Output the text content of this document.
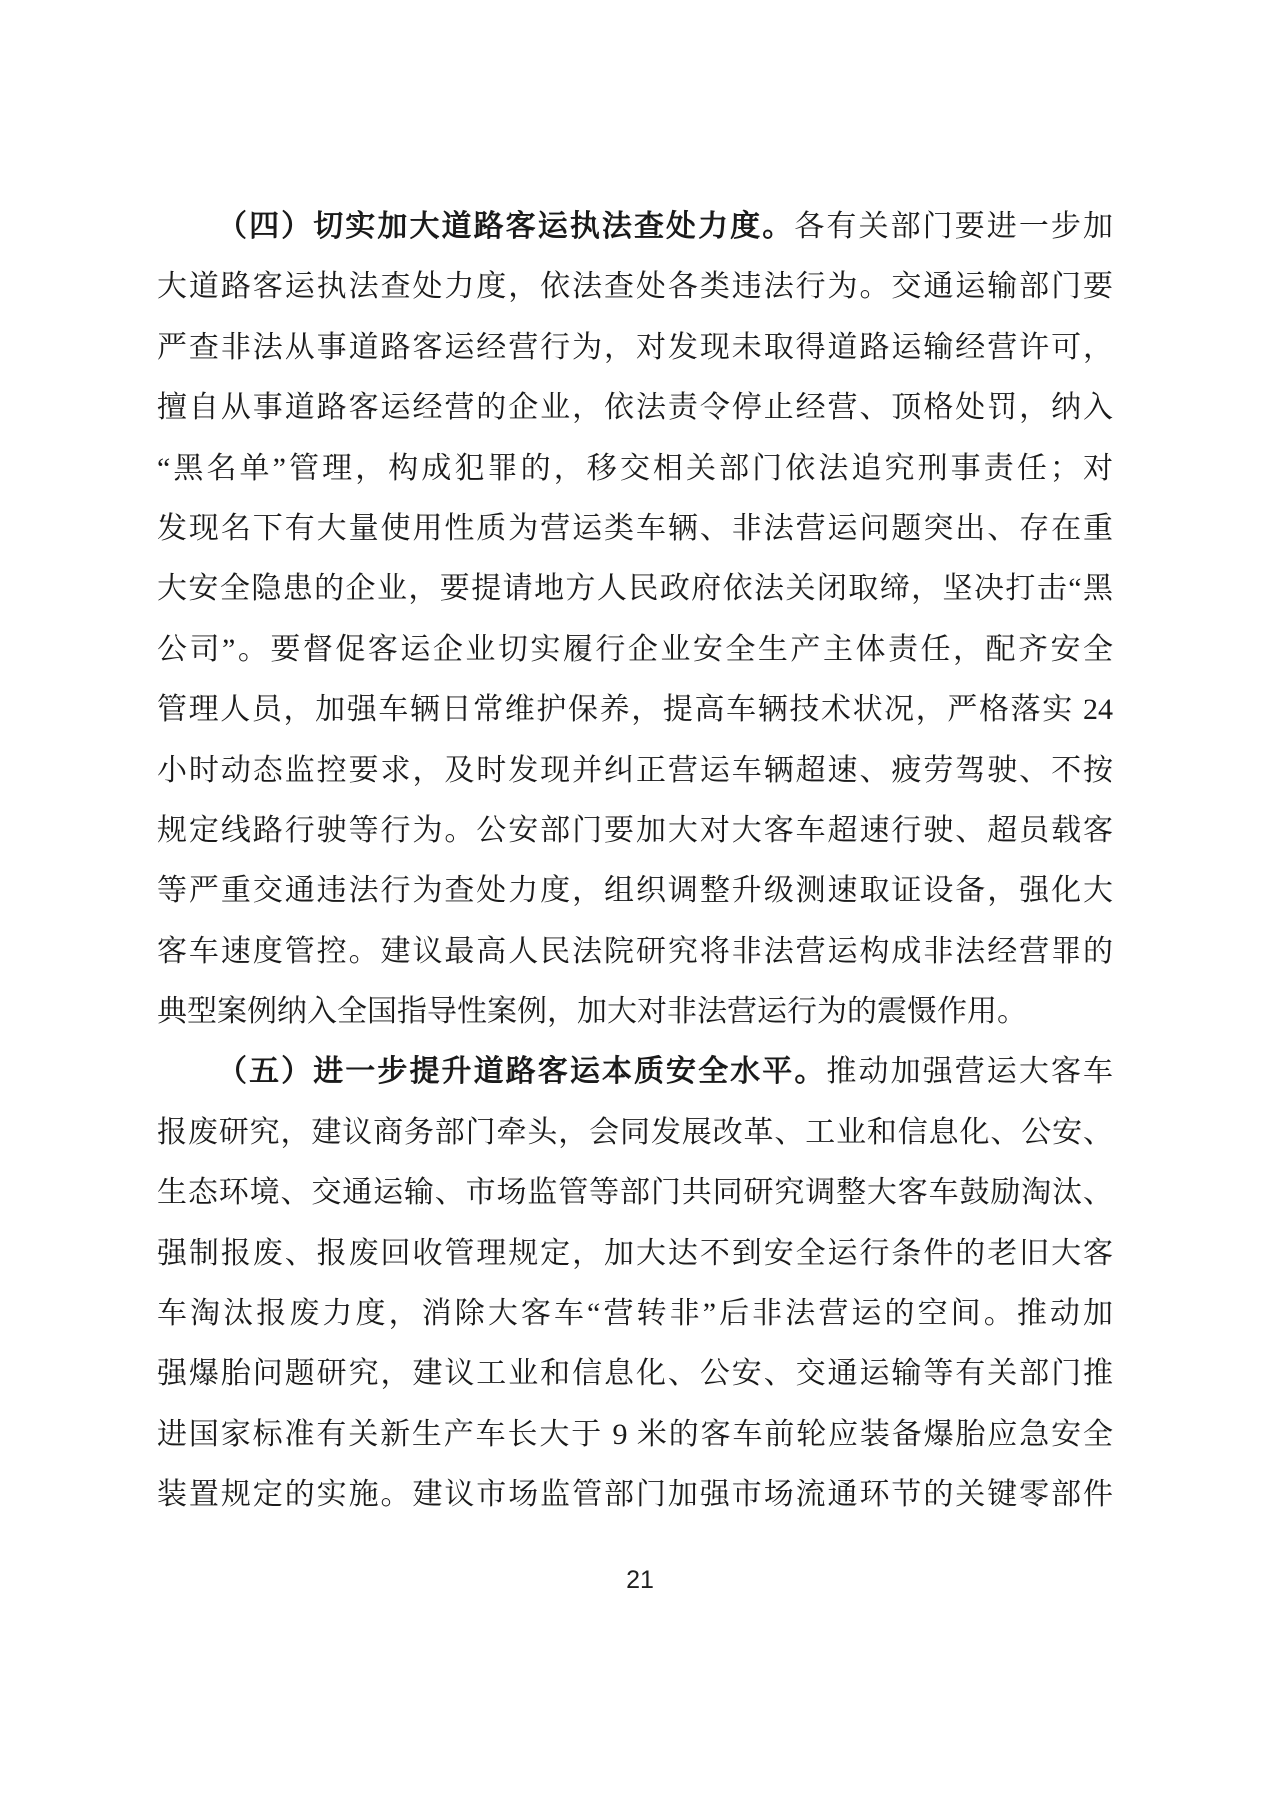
（四）切实加大道路客运执法查处力度。各有关部门要进一步加
大道路客运执法查处力度，依法查处各类违法行为。交通运输部门要
严查非法从事道路客运经营行为，对发现未取得道路运输经营许可，
擅自从事道路客运经营的企业，依法责令停止经营、顶格处罚，纳入
“黑名单”管理，构成犯罪的，移交相关部门依法追究刑事责任；对
发现名下有大量使用性质为营运类车辆、非法营运问题突出、存在重
大安全隐患的企业，要提请地方人民政府依法关闭取缔，坚决打击“黑
公司”。要督促客运企业切实履行企业安全生产主体责任，配齐安全
管理人员，加强车辆日常维护保养，提高车辆技术状况，严格落实 24
小时动态监控要求，及时发现并纠正营运车辆超速、疲劳驾驶、不按
规定线路行驶等行为。公安部门要加大对大客车超速行驶、超员载客
等严重交通违法行为查处力度，组织调整升级测速取证设备，强化大
客车速度管控。建议最高人民法院研究将非法营运构成非法经营罪的
典型案例纳入全国指导性案例，加大对非法营运行为的震慑作用。
（五）进一步提升道路客运本质安全水平。推动加强营运大客车
报废研究，建议商务部门牵头，会同发展改革、工业和信息化、公安、
生态环境、交通运输、市场监管等部门共同研究调整大客车鼓励淘汰、
强制报废、报废回收管理规定，加大达不到安全运行条件的老旧大客
车淘汰报废力度，消除大客车“营转非”后非法营运的空间。推动加
强爆胎问题研究，建议工业和信息化、公安、交通运输等有关部门推
进国家标准有关新生产车长大于 9 米的客车前轮应装备爆胎应急安全
装置规定的实施。建议市场监管部门加强市场流通环节的关键零部件
21
